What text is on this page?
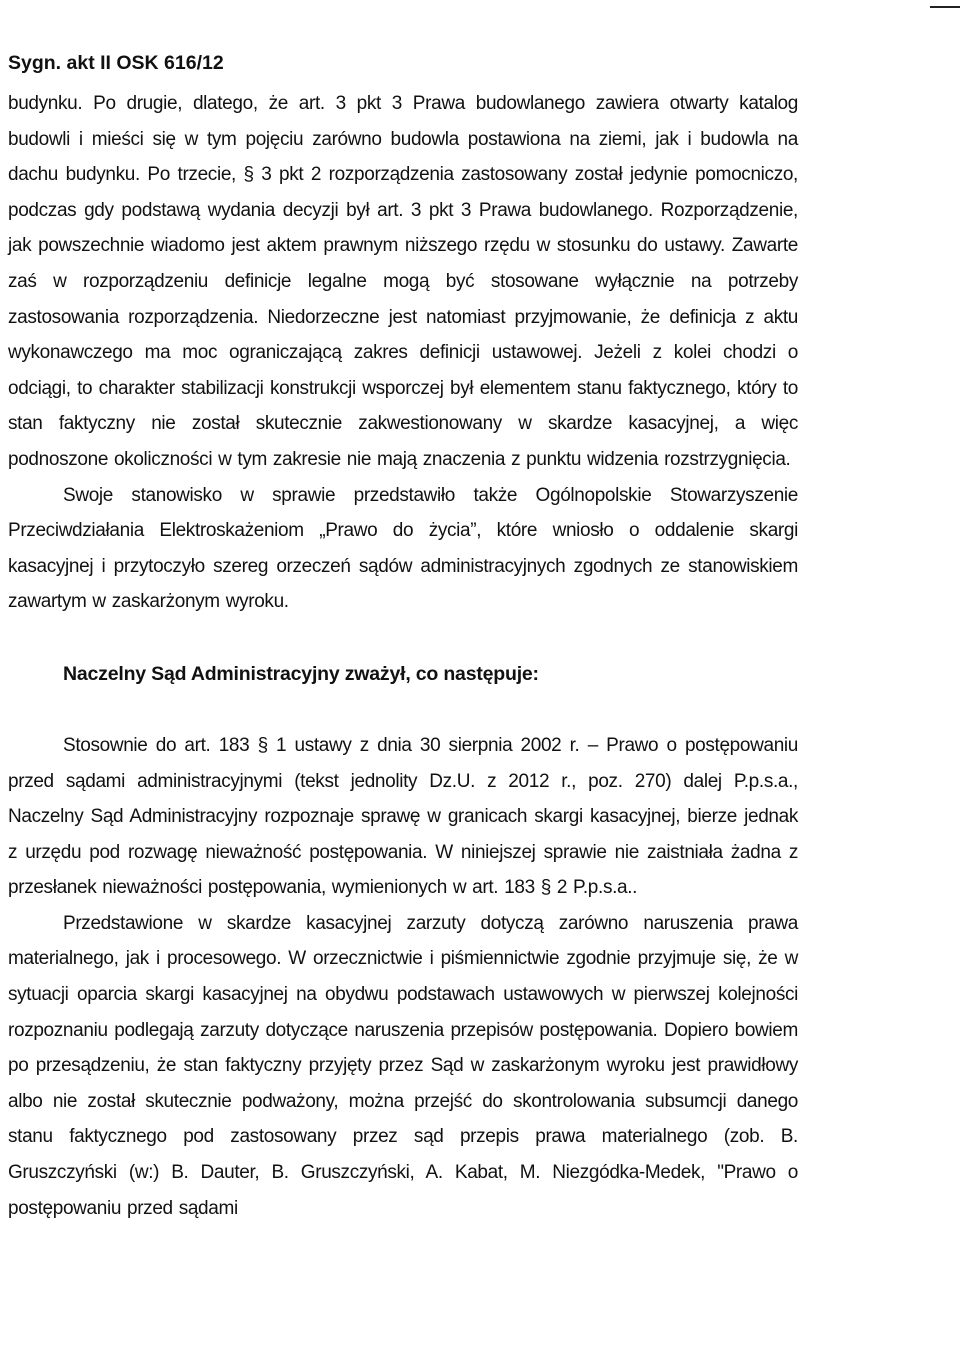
Sygn. akt II OSK 616/12

budynku. Po drugie, dlatego, że art. 3 pkt 3 Prawa budowlanego zawiera otwarty katalog budowli i mieści się w tym pojęciu zarówno budowla postawiona na ziemi, jak i budowla na dachu budynku. Po trzecie, § 3 pkt 2 rozporządzenia zastosowany został jedynie pomocniczo, podczas gdy podstawą wydania decyzji był art. 3 pkt 3 Prawa budowlanego. Rozporządzenie, jak powszechnie wiadomo jest aktem prawnym niższego rzędu w stosunku do ustawy. Zawarte zaś w rozporządzeniu definicje legalne mogą być stosowane wyłącznie na potrzeby zastosowania rozporządzenia. Niedorzeczne jest natomiast przyjmowanie, że definicja z aktu wykonawczego ma moc ograniczającą zakres definicji ustawowej. Jeżeli z kolei chodzi o odciągi, to charakter stabilizacji konstrukcji wsporczej był elementem stanu faktycznego, który to stan faktyczny nie został skutecznie zakwestionowany w skardze kasacyjnej, a więc podnoszone okoliczności w tym zakresie nie mają znaczenia z punktu widzenia rozstrzygnięcia.

Swoje stanowisko w sprawie przedstawiło także Ogólnopolskie Stowarzyszenie Przeciwdziałania Elektroskażeniom „Prawo do życia”, które wniosło o oddalenie skargi kasacyjnej i przytoczyło szereg orzeczeń sądów administracyjnych zgodnych ze stanowiskiem zawartym w zaskarżonym wyroku.

Naczelny Sąd Administracyjny zważył, co następuje:

Stosownie do art. 183 § 1 ustawy z dnia 30 sierpnia 2002 r. – Prawo o postępowaniu przed sądami administracyjnymi (tekst jednolity Dz.U. z 2012 r., poz. 270) dalej P.p.s.a., Naczelny Sąd Administracyjny rozpoznaje sprawę w granicach skargi kasacyjnej, bierze jednak z urzędu pod rozwagę nieważność postępowania. W niniejszej sprawie nie zaistniała żadna z przesłanek nieważności postępowania, wymienionych w art. 183 § 2 P.p.s.a..

Przedstawione w skardze kasacyjnej zarzuty dotyczą zarówno naruszenia prawa materialnego, jak i procesowego. W orzecznictwie i piśmiennictwie zgodnie przyjmuje się, że w sytuacji oparcia skargi kasacyjnej na obydwu podstawach ustawowych w pierwszej kolejności rozpoznaniu podlegają zarzuty dotyczące naruszenia przepisów postępowania. Dopiero bowiem po przesądzeniu, że stan faktyczny przyjęty przez Sąd w zaskarżonym wyroku jest prawidłowy albo nie został skutecznie podważony, można przejść do skontrolowania subsumcji danego stanu faktycznego pod zastosowany przez sąd przepis prawa materialnego (zob. B. Gruszczyński (w:) B. Dauter, B. Gruszczyński, A. Kabat, M. Niezgódka-Medek, "Prawo o postępowaniu przed sądami
